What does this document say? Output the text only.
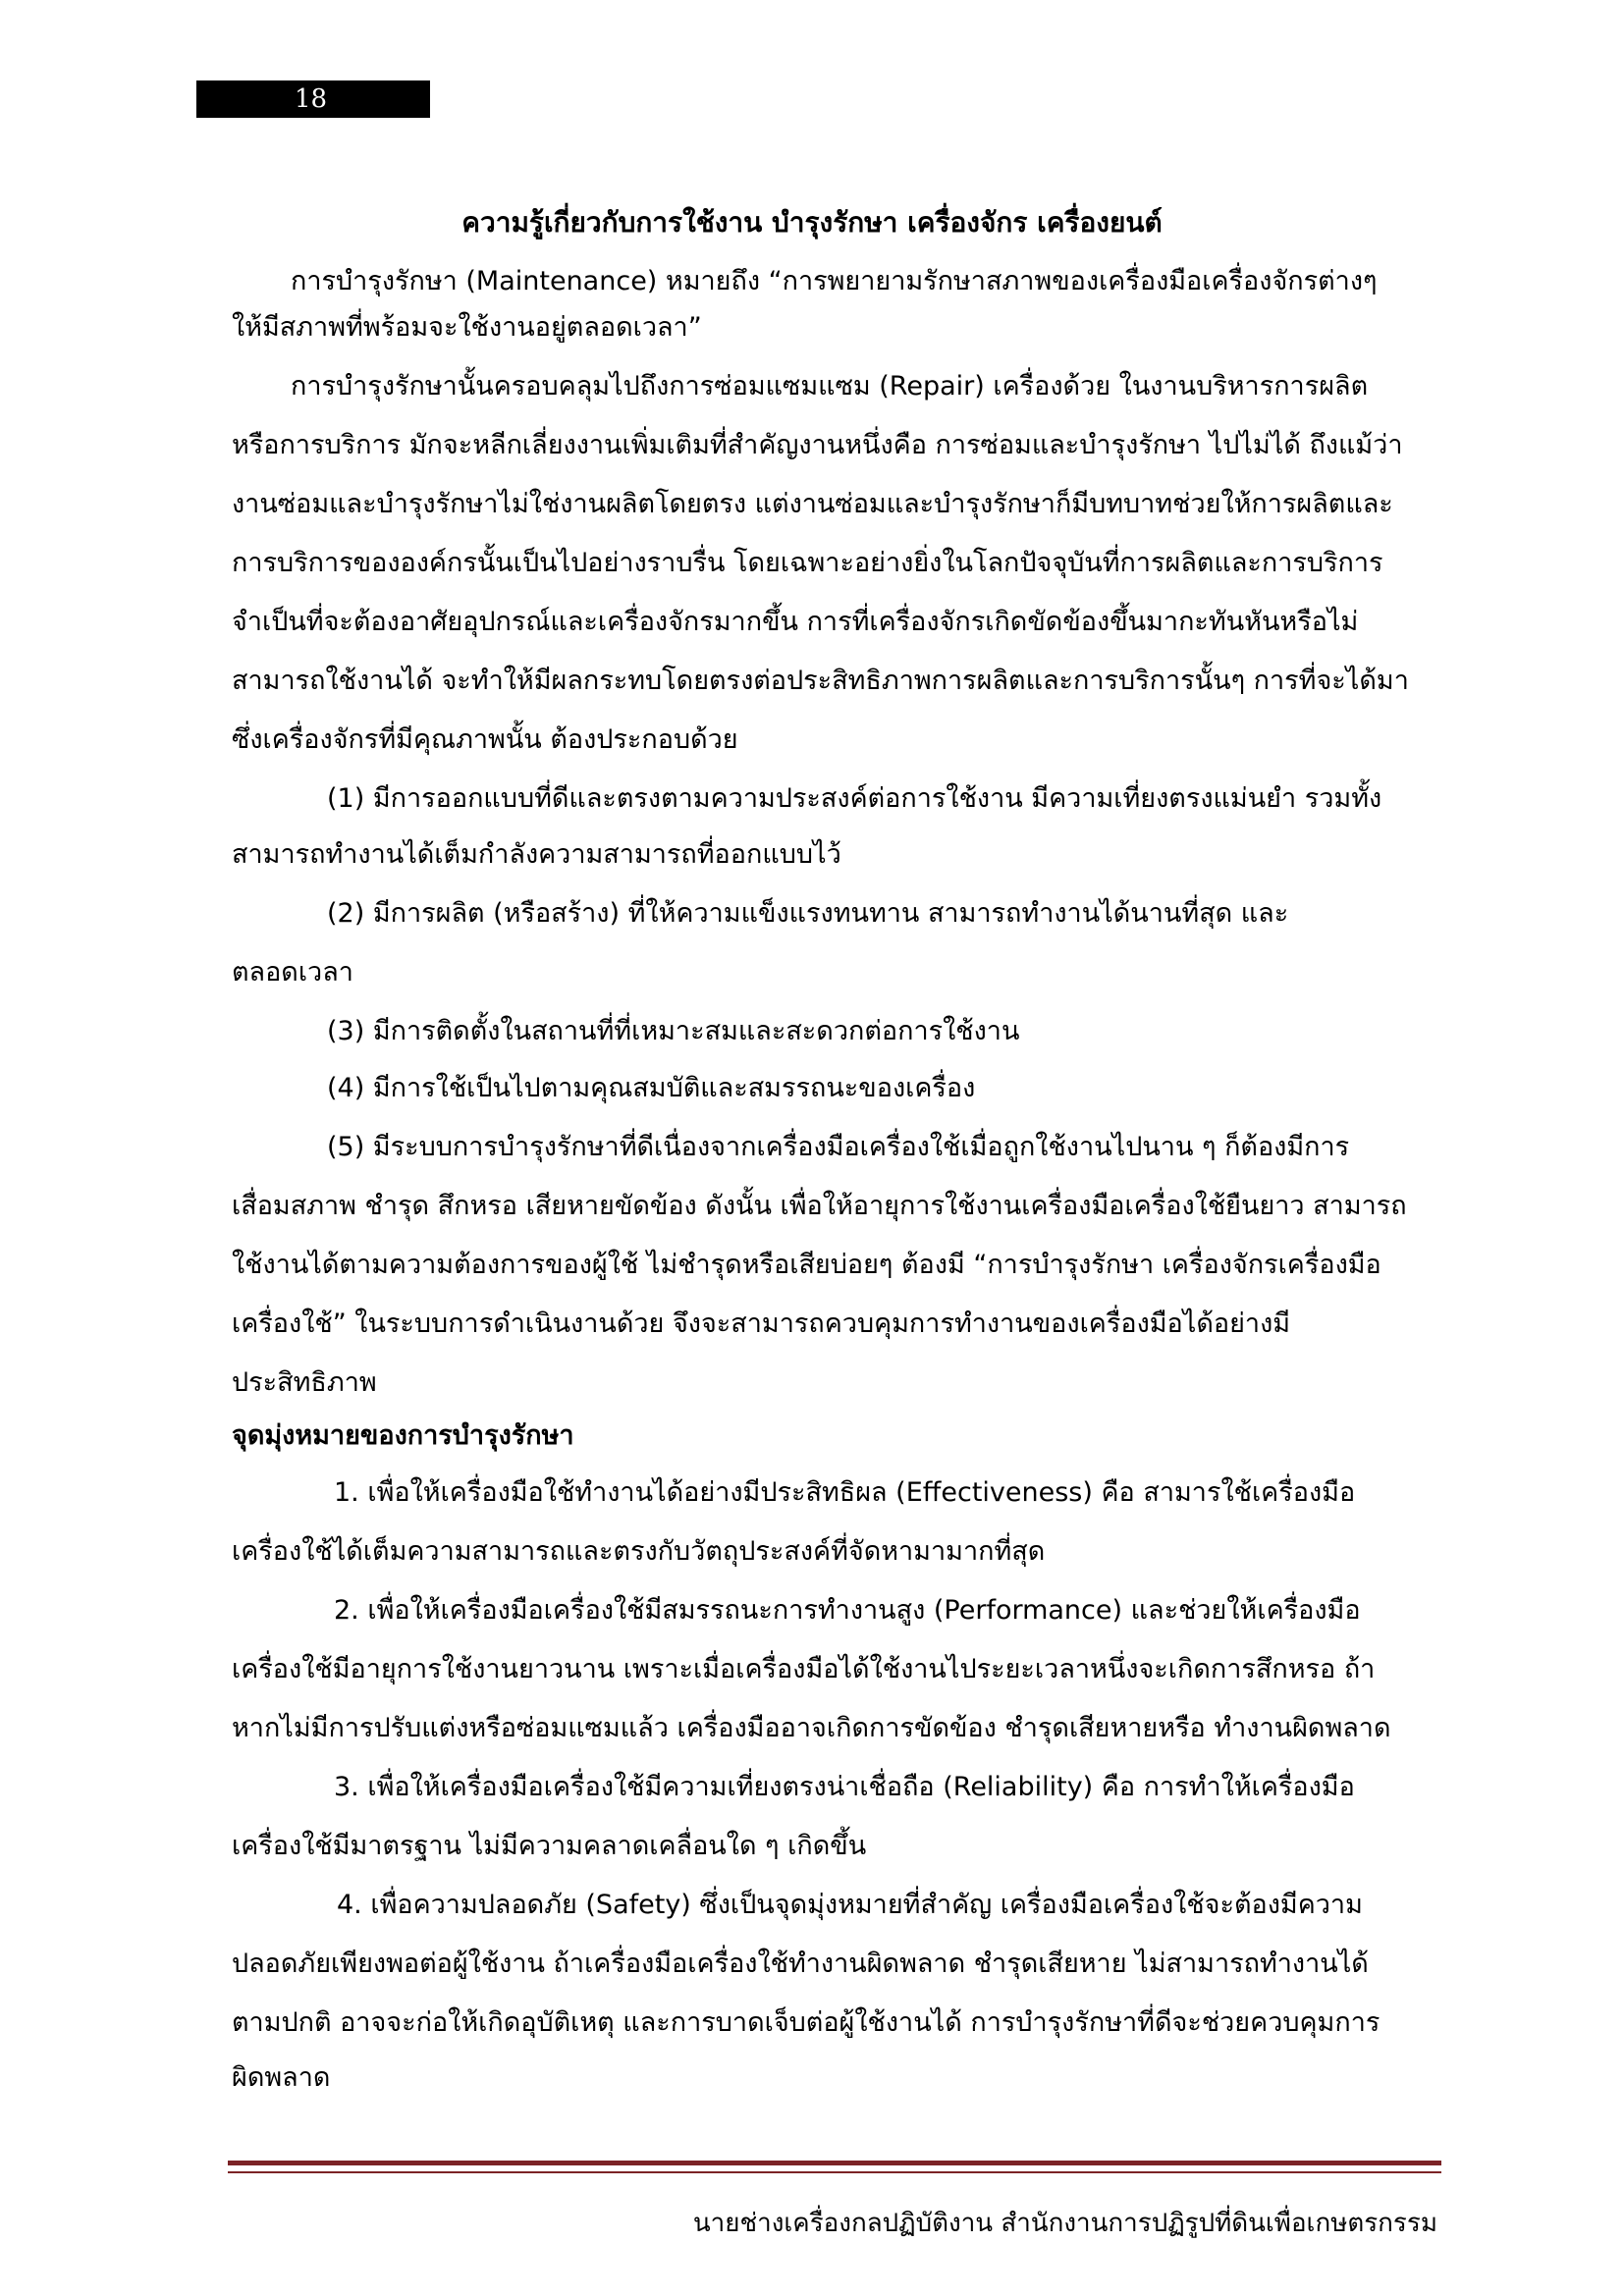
18
ความรู้เกี่ยวกับการใช้งาน บำรุงรักษา เครื่องจักร เครื่องยนต์
การบำรุงรักษา (Maintenance) หมายถึง “การพยายามรักษาสภาพของเครื่องมือเครื่องจักรต่างๆ
ให้มีสภาพที่พร้อมจะใช้งานอยู่ตลอดเวลา”
การบำรุงรักษานั้นครอบคลุมไปถึงการซ่อมแซมแซม (Repair) เครื่องด้วย ในงานบริหารการผลิต
หรือการบริการ มักจะหลีกเลี่ยงงานเพิ่มเติมที่สำคัญงานหนึ่งคือ การซ่อมและบำรุงรักษา ไปไม่ได้ ถึงแม้ว่า
งานซ่อมและบำรุงรักษาไม่ใช่งานผลิตโดยตรง แต่งานซ่อมและบำรุงรักษาก็มีบทบาทช่วยให้การผลิตและ
การบริการขององค์กรนั้นเป็นไปอย่างราบรื่น โดยเฉพาะอย่างยิ่งในโลกปัจจุบันที่การผลิตและการบริการ
จำเป็นที่จะต้องอาศัยอุปกรณ์และเครื่องจักรมากขึ้น การที่เครื่องจักรเกิดขัดข้องขึ้นมากะทันหันหรือไม่
สามารถใช้งานได้ จะทำให้มีผลกระทบโดยตรงต่อประสิทธิภาพการผลิตและการบริการนั้นๆ การที่จะได้มา
ซึ่งเครื่องจักรที่มีคุณภาพนั้น ต้องประกอบด้วย
(1) มีการออกแบบที่ดีและตรงตามความประสงค์ต่อการใช้งาน มีความเที่ยงตรงแม่นยำ รวมทั้ง
สามารถทำงานได้เต็มกำลังความสามารถที่ออกแบบไว้
(2) มีการผลิต (หรือสร้าง) ที่ให้ความแข็งแรงทนทาน สามารถทำงานได้นานที่สุด และ
ตลอดเวลา
(3) มีการติดตั้งในสถานที่ที่เหมาะสมและสะดวกต่อการใช้งาน
(4) มีการใช้เป็นไปตามคุณสมบัติและสมรรถนะของเครื่อง
(5) มีระบบการบำรุงรักษาที่ดีเนื่องจากเครื่องมือเครื่องใช้เมื่อถูกใช้งานไปนาน ๆ ก็ต้องมีการ
เสื่อมสภาพ ชำรุด สึกหรอ เสียหายขัดข้อง ดังนั้น เพื่อให้อายุการใช้งานเครื่องมือเครื่องใช้ยืนยาว สามารถ
ใช้งานได้ตามความต้องการของผู้ใช้ ไม่ชำรุดหรือเสียบ่อยๆ ต้องมี “การบำรุงรักษา เครื่องจักรเครื่องมือ
เครื่องใช้” ในระบบการดำเนินงานด้วย จึงจะสามารถควบคุมการทำงานของเครื่องมือได้อย่างมี
ประสิทธิภาพ
จุดมุ่งหมายของการบำรุงรักษา
1. เพื่อให้เครื่องมือใช้ทำงานได้อย่างมีประสิทธิผล (Effectiveness) คือ สามารใช้เครื่องมือ
เครื่องใช้ได้เต็มความสามารถและตรงกับวัตถุประสงค์ที่จัดหามามากที่สุด
2. เพื่อให้เครื่องมือเครื่องใช้มีสมรรถนะการทำงานสูง (Performance) และช่วยให้เครื่องมือ
เครื่องใช้มีอายุการใช้งานยาวนาน เพราะเมื่อเครื่องมือได้ใช้งานไประยะเวลาหนึ่งจะเกิดการสึกหรอ ถ้า
หากไม่มีการปรับแต่งหรือซ่อมแซมแล้ว เครื่องมืออาจเกิดการขัดข้อง ชำรุดเสียหายหรือ ทำงานผิดพลาด
3. เพื่อให้เครื่องมือเครื่องใช้มีความเที่ยงตรงน่าเชื่อถือ (Reliability) คือ การทำให้เครื่องมือ
เครื่องใช้มีมาตรฐาน ไม่มีความคลาดเคลื่อนใด ๆ เกิดขึ้น
4. เพื่อความปลอดภัย (Safety) ซึ่งเป็นจุดมุ่งหมายที่สำคัญ เครื่องมือเครื่องใช้จะต้องมีความ
ปลอดภัยเพียงพอต่อผู้ใช้งาน ถ้าเครื่องมือเครื่องใช้ทำงานผิดพลาด ชำรุดเสียหาย ไม่สามารถทำงานได้
ตามปกติ อาจจะก่อให้เกิดอุบัติเหตุ และการบาดเจ็บต่อผู้ใช้งานได้ การบำรุงรักษาที่ดีจะช่วยควบคุมการ
ผิดพลาด
นายช่างเครื่องกลปฏิบัติงาน สำนักงานการปฏิรูปที่ดินเพื่อเกษตรกรรม
